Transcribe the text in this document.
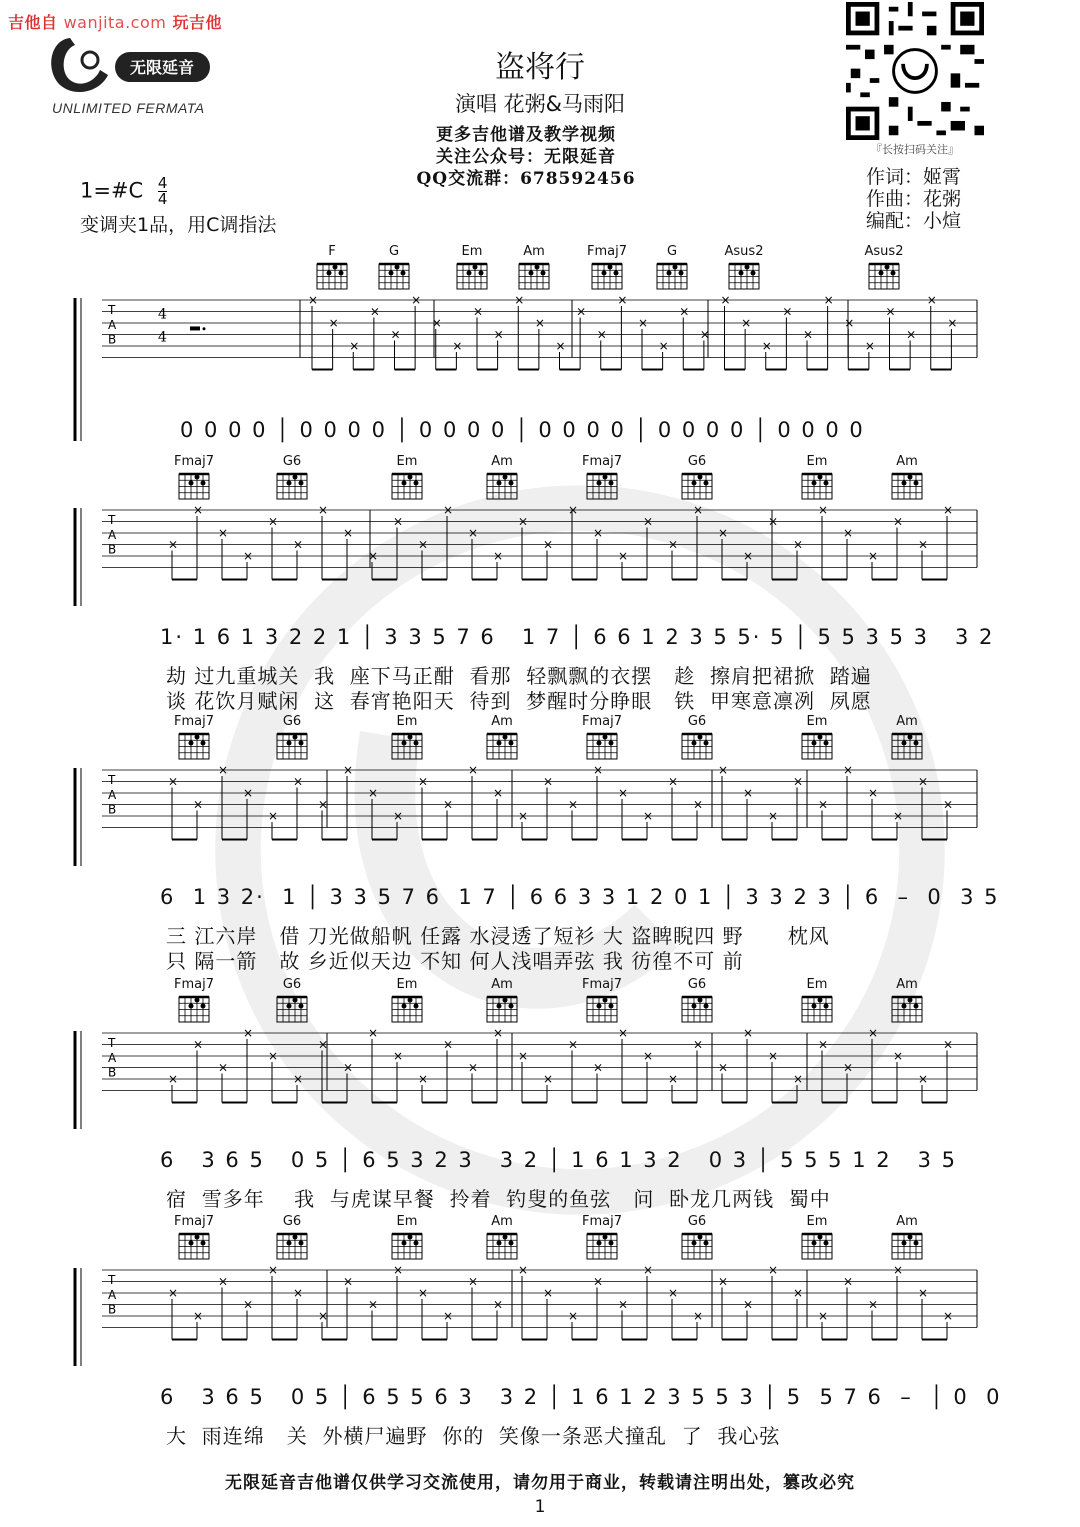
吉他自 wanjita.com 玩吉他
无限延音
UNLIMITED FERMATA
盗将行
演唱 花粥&马雨阳
更多吉他谱及教学视频
关注公众号：无限延音
QQ交流群：678592456
『长按扫码关注』
作词：姬霄
作曲：花粥
编配：小煊
1=#C $\frac{4}{4}$
变调夹1品，用C调指法
F	G	Em	Am	Fmaj7	G	Asus2	Asus2
T
A
B
×
×
×
×
×
×
×
×
×
×
×
×
×
×
×
×
×
×
×
×
×
×
×
×
×
×
×
×
×
×
×
×
4
4
0 0 0 0 │ 0 0 0 0 │ 0 0 0 0 │ 0 0 0 0 │ 0 0 0 0 │ 0 0 0 0
Fmaj7	G6	Em	Am	Fmaj7	G6	Em	Am
T
A
B	×
×
×
×
×
×
×
×
×
×
×
×
×
×
×
×
×
×
×
×
×
×
×
×
×
×
×
×
×
×
×
×
1· 1 6 1 3 2 2 1 │ 3 3 5 7 6   1 7 │ 6 6 1 2 3 5 5· 5 │ 5 5 3 5 3   3 2
劫 过九重城关  我  座下马正酣  看那  轻飘飘的衣摆   趁  擦肩把裙掀  踏遍
谈 花饮月赋闲  这  春宵艳阳天  待到  梦醒时分睁眼   铁  甲寒意凛冽  夙愿
Fmaj7	G6	Em	Am	Fmaj7	G6	Em	Am
T
A
B
×
×
×
×
×
×
×
×
×
×
×
×
×
×
×
×
×
×
×
×
×
×
×
×
×
×
×
×
×
×
×
×
6  1 3 2·  1 │ 3 3 5 7 6  1 7 │ 6 6 3 3 1 2 0 1 │ 3 3 2 3 │ 6  –  0  3 5
三 江六岸   借 刀光做船帆 任露 水浸透了短衫 大 盗睥睨四 野      枕风
只 隔一箭   故 乡近似天边 不知 何人浅唱弄弦 我 彷徨不可 前
Fmaj7	G6	Em	Am	Fmaj7	G6	Em	Am
T
A
B	×
×
×
×
×
×
×
×
×
×
×
×
×
×
×
×
×
×
×
×
×
×
×
×
×
×
×
×
×
×
×
×
6   3 6 5   0 5 │ 6 5 3 2 3   3 2 │ 1 6 1 3 2   0 3 │ 5 5 5 1 2   3 5
宿  雪多年    我  与虎谋早餐  拎着  钓叟的鱼弦   问  卧龙几两钱  蜀中
Fmaj7	G6	Em	Am	Fmaj7	G6	Em	Am
T
A
B
×
×
×
×
×
×
×
×
×
×
×
×
×
×
×
×
×
×
×
×
×
×
×
×
×
×
×
×
×
×
×
×
6   3 6 5   0 5 │ 6 5 5 6 3   3 2 │ 1 6 1 2 3 5 5 3 │ 5  5 7 6  –  │ 0  0
大  雨连绵   关  外横尸遍野  你的  笑像一条恶犬撞乱  了  我心弦
无限延音吉他谱仅供学习交流使用，请勿用于商业，转载请注明出处，篡改必究
1
